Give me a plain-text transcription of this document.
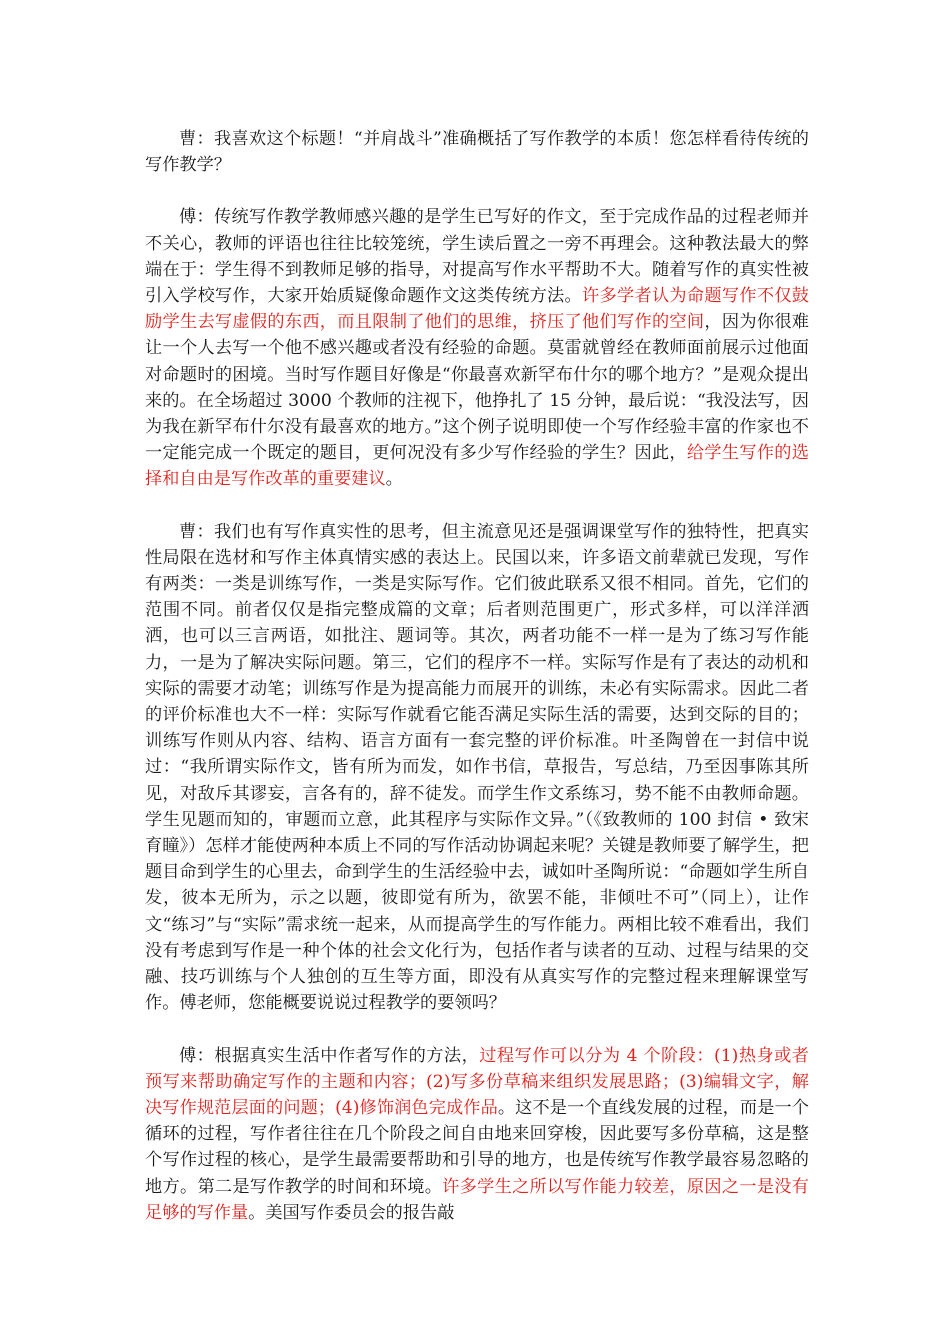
曹：我喜欢这个标题！“并肩战斗”准确概括了写作教学的本质！您怎样看待传统的写作教学？

傅：传统写作教学教师感兴趣的是学生已写好的作文，至于完成作品的过程老师并不关心，教师的评语也往往比较笼统，学生读后置之一旁不再理会。这种教法最大的弊端在于：学生得不到教师足够的指导，对提高写作水平帮助不大。随着写作的真实性被引入学校写作，大家开始质疑像命题作文这类传统方法。许多学者认为命题写作不仅鼓励学生去写虚假的东西，而且限制了他们的思维，挤压了他们写作的空间，因为你很难让一个人去写一个他不感兴趣或者没有经验的命题。莫雷就曾经在教师面前展示过他面对命题时的困境。当时写作题目好像是“你最喜欢新罕布什尔的哪个地方？”是观众提出来的。在全场超过 3000 个教师的注视下，他挣扎了 15 分钟，最后说：“我没法写，因为我在新罕布什尔没有最喜欢的地方。”这个例子说明即使一个写作经验丰富的作家也不一定能完成一个既定的题目，更何况没有多少写作经验的学生？因此，给学生写作的选择和自由是写作改革的重要建议。

曹：我们也有写作真实性的思考，但主流意见还是强调课堂写作的独特性，把真实性局限在选材和写作主体真情实感的表达上。民国以来，许多语文前辈就已发现，写作有两类：一类是训练写作，一类是实际写作。它们彼此联系又很不相同。首先，它们的范围不同。前者仅仅是指完整成篇的文章；后者则范围更广，形式多样，可以洋洋洒洒，也可以三言两语，如批注、题词等。其次，两者功能不一样一是为了练习写作能力，一是为了解决实际问题。第三，它们的程序不一样。实际写作是有了表达的动机和实际的需要才动笔；训练写作是为提高能力而展开的训练，未必有实际需求。因此二者的评价标准也大不一样：实际写作就看它能否满足实际生活的需要，达到交际的目的；训练写作则从内容、结构、语言方面有一套完整的评价标准。叶圣陶曾在一封信中说过：“我所谓实际作文，皆有所为而发，如作书信，草报告，写总结，乃至因事陈其所见，对敌斥其谬妄，言各有的，辞不徒发。而学生作文系练习，势不能不由教师命题。学生见题而知的，审题而立意，此其程序与实际作文异。”（《致教师的 100 封信 • 致宋育瞳》）怎样才能使两种本质上不同的写作活动协调起来呢？关键是教师要了解学生，把题目命到学生的心里去，命到学生的生活经验中去，诚如叶圣陶所说：“命题如学生所自发，彼本无所为，示之以题，彼即觉有所为，欲罢不能，非倾吐不可”（同上），让作文“练习”与“实际”需求统一起来，从而提高学生的写作能力。两相比较不难看出，我们没有考虑到写作是一种个体的社会文化行为，包括作者与读者的互动、过程与结果的交融、技巧训练与个人独创的互生等方面，即没有从真实写作的完整过程来理解课堂写作。傅老师，您能概要说说过程教学的要领吗？

傅：根据真实生活中作者写作的方法，过程写作可以分为 4 个阶段：(1)热身或者预写来帮助确定写作的主题和内容；(2)写多份草稿来组织发展思路；(3)编辑文字，解决写作规范层面的问题；(4)修饰润色完成作品。这不是一个直线发展的过程，而是一个循环的过程，写作者往往在几个阶段之间自由地来回穿梭，因此要写多份草稿，这是整个写作过程的核心，是学生最需要帮助和引导的地方，也是传统写作教学最容易忽略的地方。第二是写作教学的时间和环境。许多学生之所以写作能力较差，原因之一是没有足够的写作量。美国写作委员会的报告敲
